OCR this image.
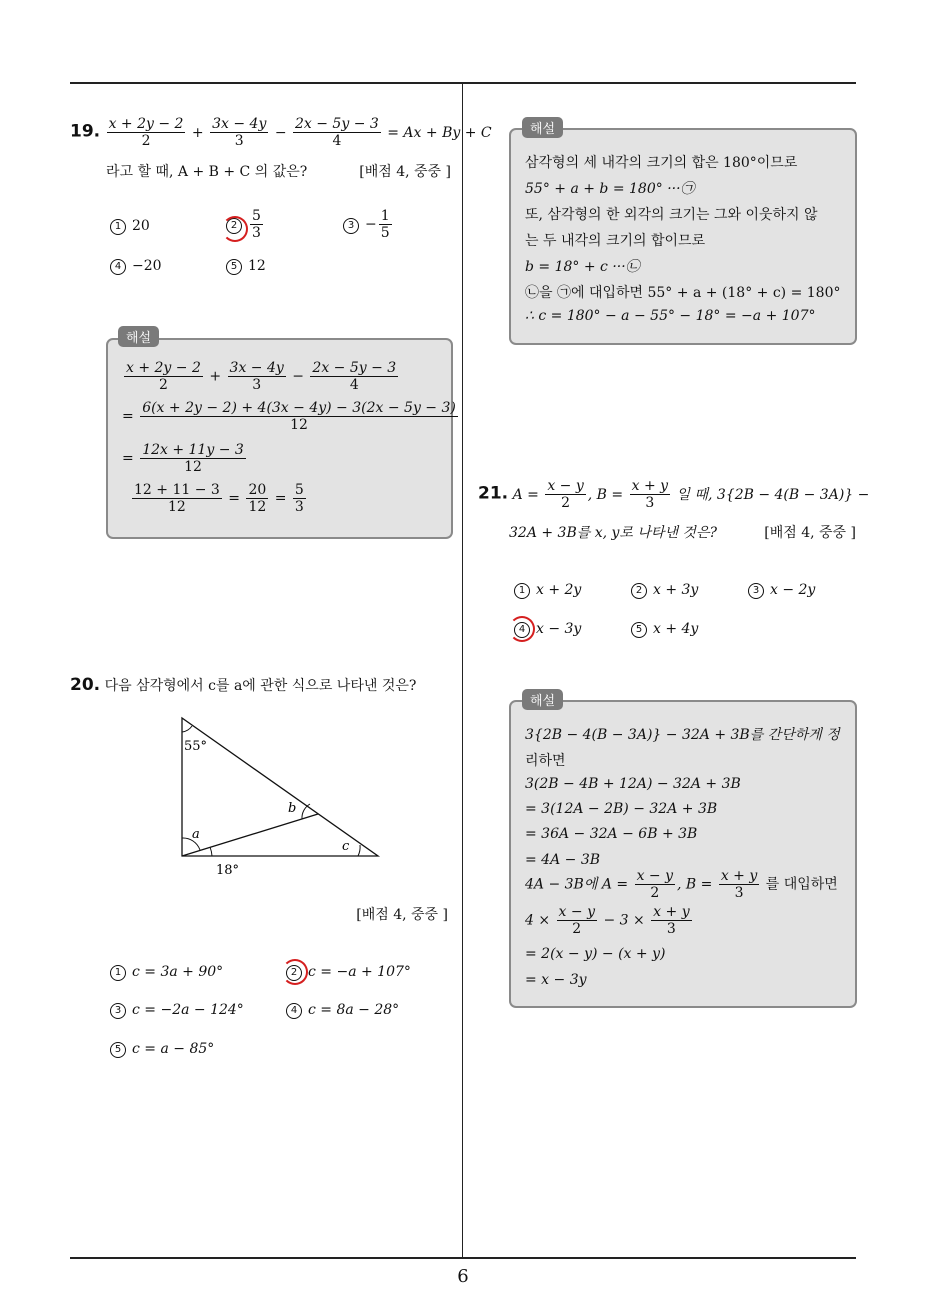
19. $\frac{x + 2y - 2}{2} + \frac{3x - 4y}{3} - \frac{2x - 5y - 3}{4} = Ax + By + C$
라고 할 때, A + B + C 의 값은?	[배점 4, 중중 ]
1 20	$2 \frac{5}{3}$	$3 - \frac{1}{5}$
4 −20	5 12
$\frac{x + 2y - 2}{2} + \frac{3x - 4y}{3} - \frac{2x - 5y - 3}{4}$
= $\frac{6(x + 2y - 2) + 4(3x - 4y) - 3(2x - 5y - 3)}{12}$
= $\frac{12x + 11y - 3}{12}$
$\frac{12 + 11 - 3}{12} = \frac{20}{12} = \frac{5}{3}$
해설
20. 다음 삼각형에서 c를 a에 관한 식으로 나타낸 것은?
55°
b
a
c
18°
[배점 4, 중중 ]
1 c = 3a + 90°	2 c = −a + 107°
3 c = −2a − 124°	4 c = 8a − 28°
5 c = a − 85°
삼각형의 세 내각의 크기의 합은 180°이므로
55° + a + b = 180° ···㉠
또, 삼각형의 한 외각의 크기는 그와 이웃하지 않
는 두 내각의 크기의 합이므로
b = 18° + c ···㉡
㉡을 ㉠에 대입하면 55° + a + (18° + c) = 180°
∴ c = 180° − a − 55° − 18° = −a + 107°
해설
21. $A = \frac{x - y}{2}$ , $B = \frac{x + y}{3}$ 일 때, 3{2B − 4(B − 3A)} −
32A + 3B를 x, y로 나타낸 것은?	[배점 4, 중중 ]
1 x + 2y	2 x + 3y	3 x − 2y
4 x − 3y	5 x + 4y
3{2B − 4(B − 3A)} − 32A + 3B를 간단하게 정
리하면
3(2B − 4B + 12A) − 32A + 3B
= 3(12A − 2B) − 32A + 3B
= 36A − 32A − 6B + 3B
= 4A − 3B
4A − 3B에 $A = \frac{x - y}{2}$ , $B = \frac{x + y}{3}$ 를 대입하면
$4 \times \frac{x - y}{2} - 3 \times \frac{x + y}{3}$
= 2(x − y) − (x + y)
= x − 3y
해설
6
